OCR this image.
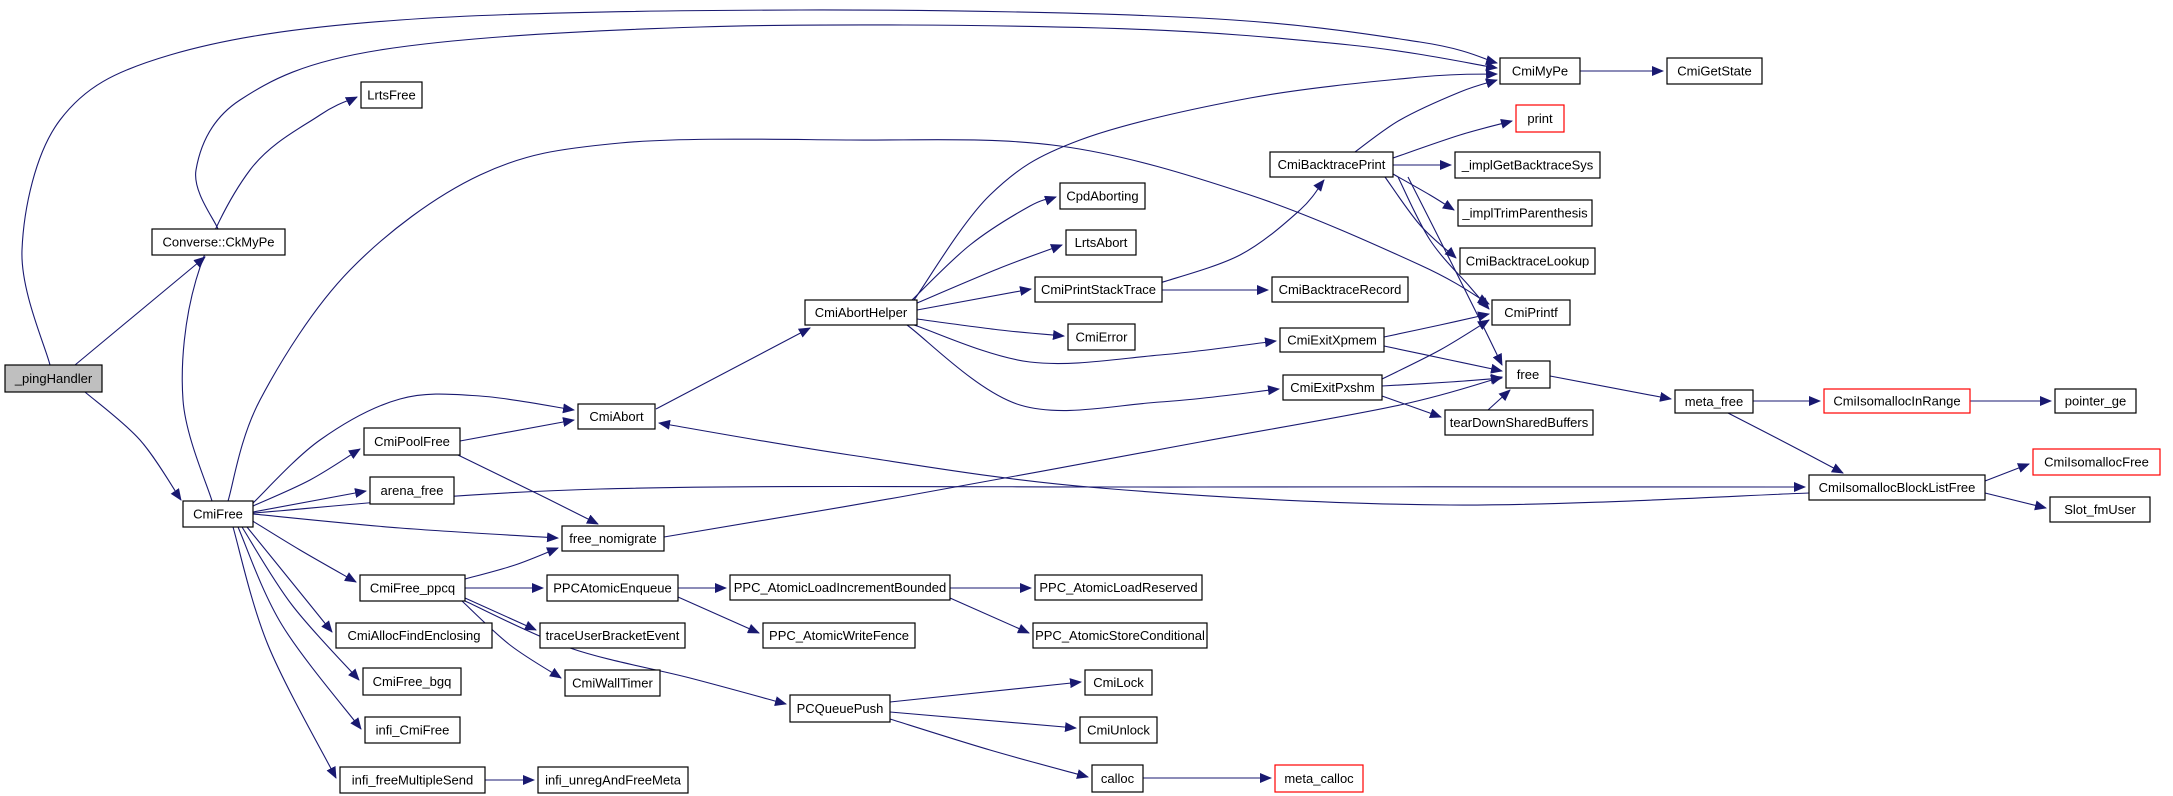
_pingHandler
Converse::CkMyPe
LrtsFree
CmiFree
CmiPoolFree
arena_free
CmiAbort
free_nomigrate
CmiFree_ppcq
CmiAllocFindEnclosing
CmiFree_bgq
infi_CmiFree
infi_freeMultipleSend	infi_unregAndFreeMeta
PPCAtomicEnqueue
traceUserBracketEvent
CmiWallTimer
PCQueuePush
CmiAbortHelper
CpdAborting
LrtsAbort
CmiPrintStackTrace
CmiError
PPC_AtomicLoadIncrementBounded
PPC_AtomicWriteFence
PPC_AtomicLoadReserved
PPC_AtomicStoreConditional
CmiLock
CmiUnlock
calloc	meta_calloc
CmiBacktracePrint
CmiExitXpmem
CmiExitPxshm
CmiMyPe	CmiGetState
print
_implGetBacktraceSys
_implTrimParenthesis
CmiBacktraceLookup
CmiBacktraceRecord
CmiPrintf
free
tearDownSharedBuffers
meta_free	CmiIsomallocInRange	pointer_ge
CmiIsomallocBlockListFree
CmiIsomallocFree
Slot_fmUser
